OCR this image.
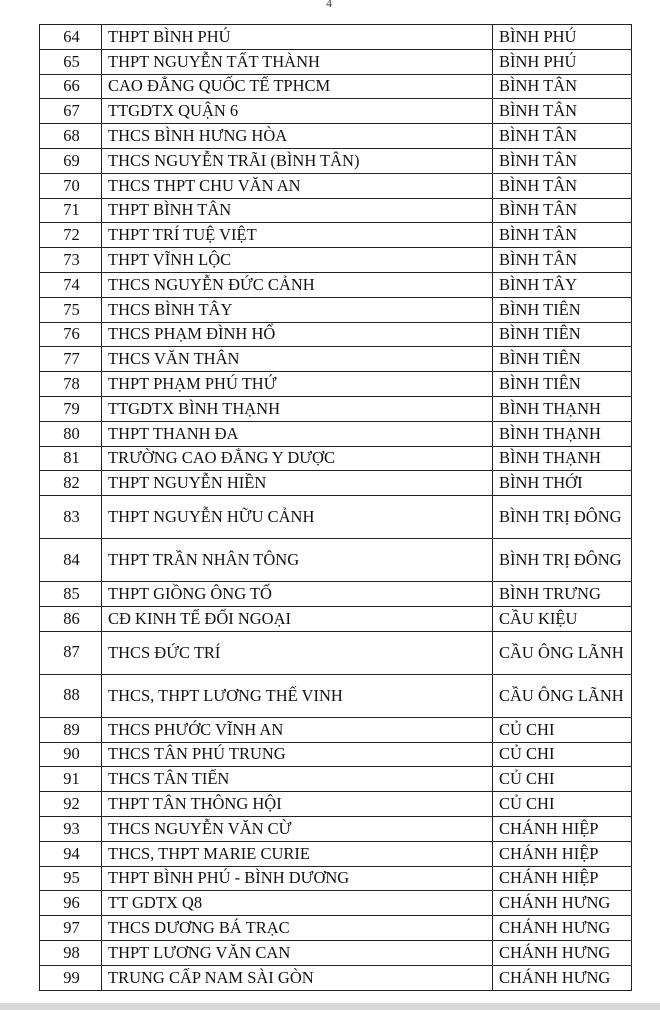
4
64	THPT BÌNH PHÚ	BÌNH PHÚ
65	THPT NGUYỄN TẤT THÀNH	BÌNH PHÚ
66	CAO ĐẲNG QUỐC TẾ TPHCM	BÌNH TÂN
67	TTGDTX QUẬN 6	BÌNH TÂN
68	THCS BÌNH HƯNG HÒA	BÌNH TÂN
69	THCS NGUYỄN TRÃI (BÌNH TÂN)	BÌNH TÂN
70	THCS THPT CHU VĂN AN	BÌNH TÂN
71	THPT BÌNH TÂN	BÌNH TÂN
72	THPT TRÍ TUỆ VIỆT	BÌNH TÂN
73	THPT VĨNH LỘC	BÌNH TÂN
74	THCS NGUYỄN ĐỨC CẢNH	BÌNH TÂY
75	THCS BÌNH TÂY	BÌNH TIÊN
76	THCS PHẠM ĐÌNH HỔ	BÌNH TIÊN
77	THCS VĂN THÂN	BÌNH TIÊN
78	THPT PHẠM PHÚ THỨ	BÌNH TIÊN
79	TTGDTX BÌNH THẠNH	BÌNH THẠNH
80	THPT THANH ĐA	BÌNH THẠNH
81	TRƯỜNG CAO ĐẲNG Y DƯỢC	BÌNH THẠNH
82	THPT NGUYỄN HIỀN	BÌNH THỚI
83	THPT NGUYỄN HỮU CẢNH	BÌNH TRỊ ĐÔNG
84	THPT TRẦN NHÂN TÔNG	BÌNH TRỊ ĐÔNG
85	THPT GIỒNG ÔNG TỐ	BÌNH TRƯNG
86	CĐ KINH TẾ ĐỐI NGOẠI	CẦU KIỆU
87	THCS ĐỨC TRÍ	CẦU ÔNG LÃNH
88	THCS, THPT LƯƠNG THẾ VINH	CẦU ÔNG LÃNH
89	THCS PHƯỚC VĨNH AN	CỦ CHI
90	THCS TÂN PHÚ TRUNG	CỦ CHI
91	THCS TÂN TIẾN	CỦ CHI
92	THPT TÂN THÔNG HỘI	CỦ CHI
93	THCS NGUYỄN VĂN CỪ	CHÁNH HIỆP
94	THCS, THPT MARIE CURIE	CHÁNH HIỆP
95	THPT BÌNH PHÚ - BÌNH DƯƠNG	CHÁNH HIỆP
96	TT GDTX Q8	CHÁNH HƯNG
97	THCS DƯƠNG BÁ TRẠC	CHÁNH HƯNG
98	THPT LƯƠNG VĂN CAN	CHÁNH HƯNG
99	TRUNG CẤP NAM SÀI GÒN	CHÁNH HƯNG
